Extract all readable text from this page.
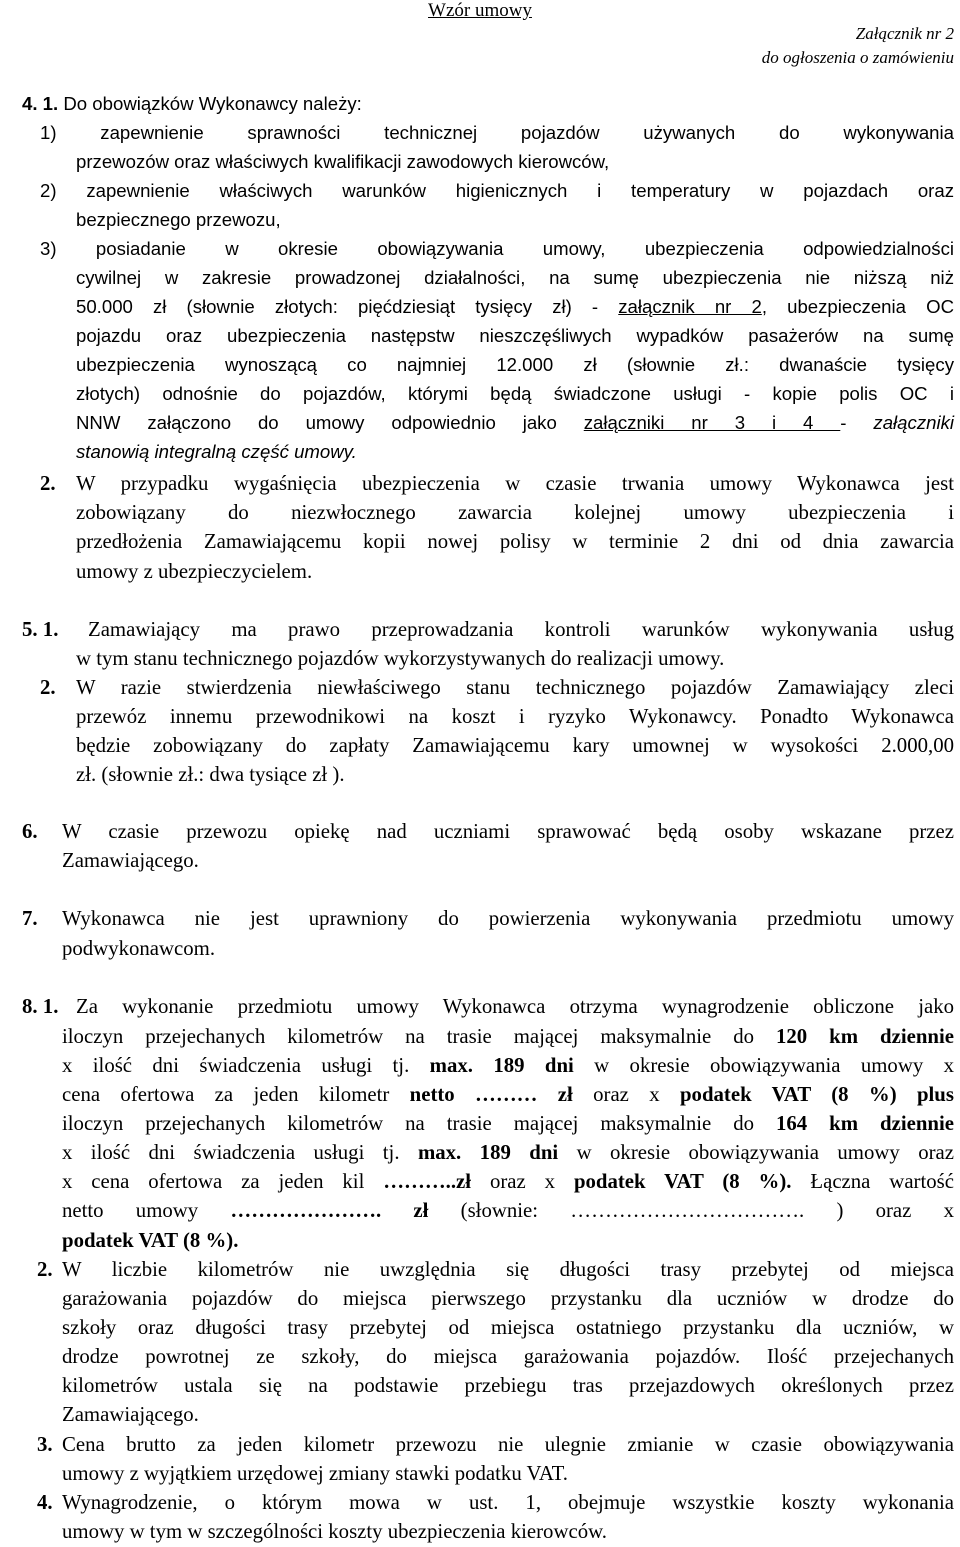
Wzór umowy
Załącznik nr 2
do ogłoszenia o zamówieniu
4. 1. Do obowiązków Wykonawcy należy:
1) zapewnienie sprawności technicznej pojazdów używanych do wykonywania
przewozów oraz właściwych kwalifikacji zawodowych kierowców,
2) zapewnienie właściwych warunków higienicznych i temperatury w pojazdach oraz
bezpiecznego przewozu,
3) posiadanie w okresie obowiązywania umowy, ubezpieczenia odpowiedzialności
cywilnej w zakresie prowadzonej działalności, na sumę ubezpieczenia nie niższą niż
50.000 zł (słownie złotych: pięćdziesiąt tysięcy zł) - załącznik nr 2, ubezpieczenia OC
pojazdu oraz ubezpieczenia następstw nieszczęśliwych wypadków pasażerów na sumę
ubezpieczenia wynoszącą co najmniej 12.000 zł (słownie zł.: dwanaście tysięcy
złotych) odnośnie do pojazdów, którymi będą świadczone usługi - kopie polis OC i
NNW załączono do umowy odpowiednio jako załączniki nr 3 i 4 - załączniki
stanowią integralną część umowy.
2. W przypadku wygaśnięcia ubezpieczenia w czasie trwania umowy Wykonawca jest
zobowiązany do niezwłocznego zawarcia kolejnej umowy ubezpieczenia i
przedłożenia Zamawiającemu kopii nowej polisy w terminie 2 dni od dnia zawarcia
umowy z ubezpieczycielem.
5. 1. Zamawiający ma prawo przeprowadzania kontroli warunków wykonywania usług
w tym stanu technicznego pojazdów wykorzystywanych do realizacji umowy.
2. W razie stwierdzenia niewłaściwego stanu technicznego pojazdów Zamawiający zleci
przewóz innemu przewodnikowi na koszt i ryzyko Wykonawcy. Ponadto Wykonawca
będzie zobowiązany do zapłaty Zamawiającemu kary umownej w wysokości 2.000,00
zł. (słownie zł.: dwa tysiące zł ).
6. W czasie przewozu opiekę nad uczniami sprawować będą osoby wskazane przez
Zamawiającego.
7. Wykonawca nie jest uprawniony do powierzenia wykonywania przedmiotu umowy
podwykonawcom.
8. 1. Za wykonanie przedmiotu umowy Wykonawca otrzyma wynagrodzenie obliczone jako
iloczyn przejechanych kilometrów na trasie mającej maksymalnie do 120 km dziennie
x ilość dni świadczenia usługi tj. max. 189 dni w okresie obowiązywania umowy x
cena ofertowa za jeden kilometr netto ……… zł oraz x podatek VAT (8 %) plus
iloczyn przejechanych kilometrów na trasie mającej maksymalnie do 164 km dziennie
x ilość dni świadczenia usługi tj. max. 189 dni w okresie obowiązywania umowy oraz
x cena ofertowa za jeden kil ………..zł oraz x podatek VAT (8 %). Łączna wartość
netto umowy …………………. zł (słownie: ……………………………. ) oraz x
podatek VAT (8 %).
2. W liczbie kilometrów nie uwzględnia się długości trasy przebytej od miejsca
garażowania pojazdów do miejsca pierwszego przystanku dla uczniów w drodze do
szkoły oraz długości trasy przebytej od miejsca ostatniego przystanku dla uczniów, w
drodze powrotnej ze szkoły, do miejsca garażowania pojazdów. Ilość przejechanych
kilometrów ustala się na podstawie przebiegu tras przejazdowych określonych przez
Zamawiającego.
3. Cena brutto za jeden kilometr przewozu nie ulegnie zmianie w czasie obowiązywania
umowy z wyjątkiem urzędowej zmiany stawki podatku VAT.
4. Wynagrodzenie, o którym mowa w ust. 1, obejmuje wszystkie koszty wykonania
umowy w tym w szczególności koszty ubezpieczenia kierowców.
